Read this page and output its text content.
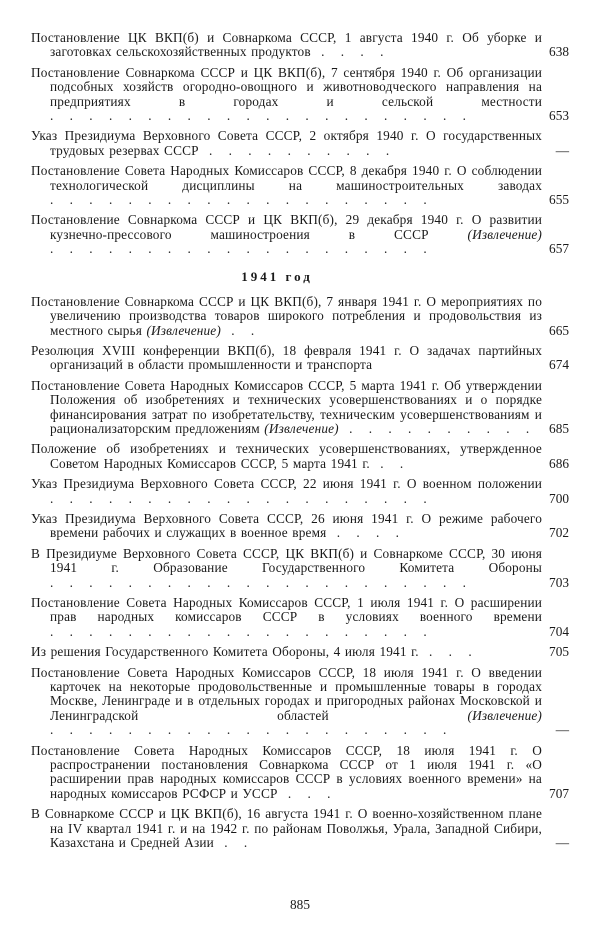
Постановление ЦК ВКП(б) и Совнаркома СССР, 1 августа 1940 г. Об уборке и заготовках сельскохозяйственных продуктов . . . .	638
Постановление Совнаркома СССР и ЦК ВКП(б), 7 сентября 1940 г. Об организации подсобных хозяйств огородно-овощного и животноводческого направления на предприятиях в городах и сельской местности . . . . . . . . . . . . . . . . . . . . . .	653
Указ Президиума Верховного Совета СССР, 2 октября 1940 г. О государственных трудовых резервах СССР . . . . . . . . . .	—
Постановление Совета Народных Комиссаров СССР, 8 декабря 1940 г. О соблюдении технологической дисциплины на машиностроительных заводах . . . . . . . . . . . . . . . . . . . .	655
Постановление Совнаркома СССР и ЦК ВКП(б), 29 декабря 1940 г. О развитии кузнечно-прессового машиностроения в СССР	(Извлечение) . . . . . . . . . . . . . . . . . . . .	657
1941 год
Постановление Совнаркома СССР и ЦК ВКП(б), 7 января 1941 г. О мероприятиях по увеличению производства товаров широкого потребления и продовольствия из местного сырья (Извлечение) . .	665
Резолюция XVIII конференции ВКП(б), 18 февраля 1941 г. О задачах партийных организаций в области промышленности и транспорта	674
Постановление Совета Народных Комиссаров СССР, 5 марта 1941 г. Об утверждении Положения об изобретениях и технических усовершенствованиях и о порядке финансирования затрат по изобретательству, техническим усовершенствованиям и рационализаторским предложениям (Извлечение) . . . . . . . . . .	685
Положение об изобретениях и технических усовершенствованиях, утвержденное Советом Народных Комиссаров СССР, 5 марта 1941 г. . .	686
Указ Президиума Верховного Совета СССР, 22 июня 1941 г. О военном положении . . . . . . . . . . . . . . . . . . . .	700
Указ Президиума Верховного Совета СССР, 26 июня 1941 г. О режиме рабочего времени рабочих и служащих в военное время . . . .	702
В Президиуме Верховного Совета СССР, ЦК ВКП(б) и Совнаркоме СССР, 30 июня 1941 г. Образование Государственного Комитета Обороны . . . . . . . . . . . . . . . . . . . . . .	703
Постановление Совета Народных Комиссаров СССР, 1 июля 1941 г. О расширении прав народных комиссаров СССР в условиях военного времени . . . . . . . . . . . . . . . . . . . .	704
Из решения Государственного Комитета Обороны, 4 июля 1941 г. . . .	705
Постановление Совета Народных Комиссаров СССР, 18 июля 1941 г. О введении карточек на некоторые продовольственные и промышленные товары в городах Москве, Ленинграде и в отдельных городах и пригородных районах Московской и Ленинградской областей	(Извлечение) . . . . . . . . . . . . . . . . . . . . .	—
Постановление Совета Народных Комиссаров СССР, 18 июля 1941 г. О распространении постановления Совнаркома СССР от 1 июля 1941 г. «О расширении прав народных комиссаров СССР в условиях военного времени» на народных комиссаров РСФСР и УССР . . .	707
В Совнаркоме СССР и ЦК ВКП(б), 16 августа 1941 г. О военно-хозяйственном плане на IV квартал 1941 г. и на 1942 г. по районам Поволжья, Урала, Западной Сибири, Казахстана и Средней Азии . .	—
885
